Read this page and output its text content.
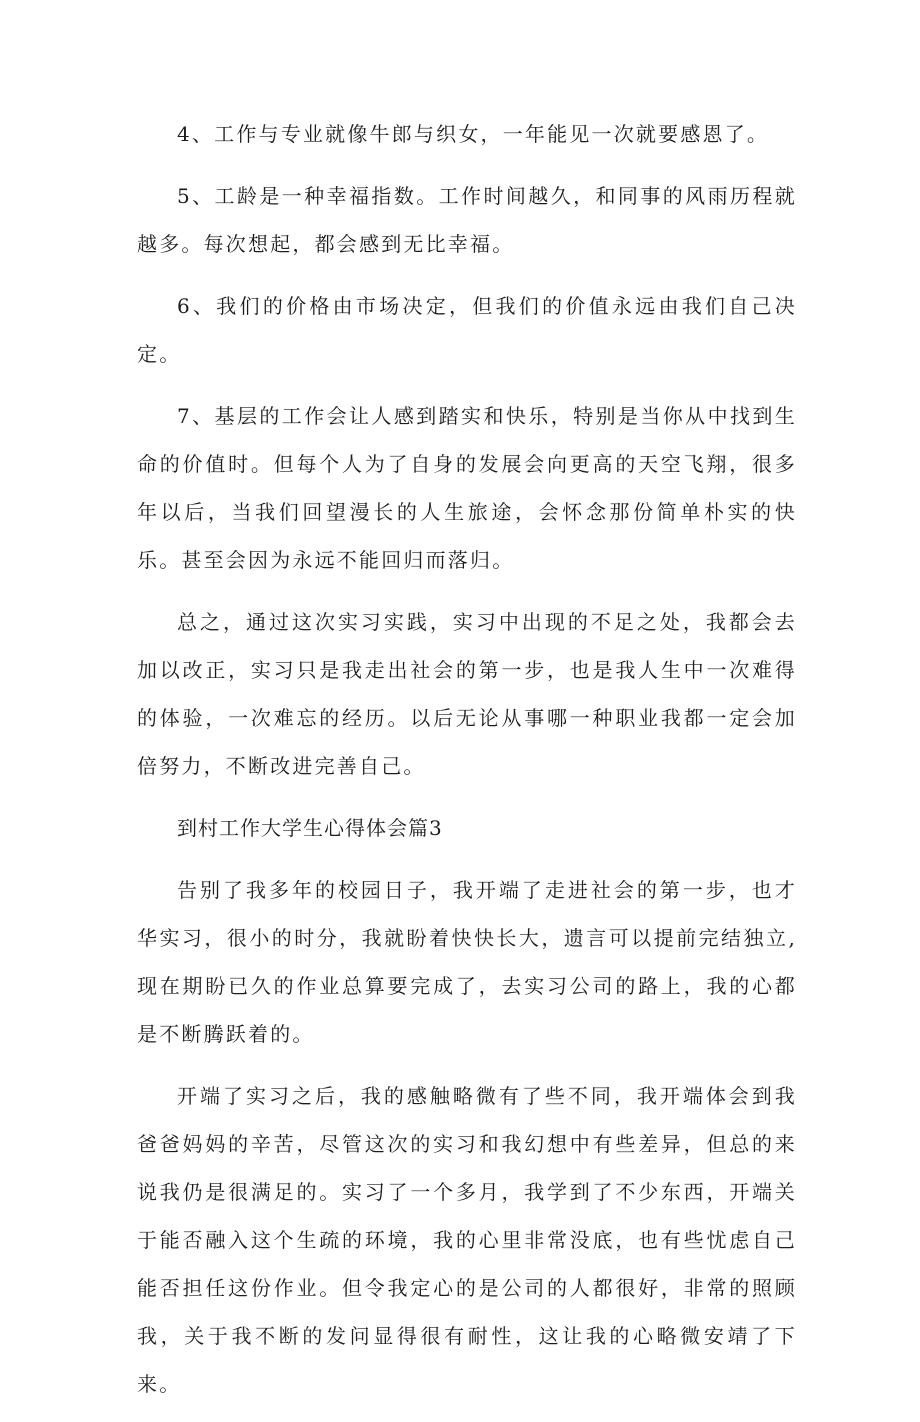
4、工作与专业就像牛郎与织女，一年能见一次就要感恩了。

5、工龄是一种幸福指数。工作时间越久，和同事的风雨历程就越多。每次想起，都会感到无比幸福。

6、我们的价格由市场决定，但我们的价值永远由我们自己决定。

7、基层的工作会让人感到踏实和快乐，特别是当你从中找到生命的价值时。但每个人为了自身的发展会向更高的天空飞翔，很多年以后，当我们回望漫长的人生旅途，会怀念那份简单朴实的快乐。甚至会因为永远不能回归而落归。

总之，通过这次实习实践，实习中出现的不足之处，我都会去加以改正，实习只是我走出社会的第一步，也是我人生中一次难得的体验，一次难忘的经历。以后无论从事哪一种职业我都一定会加倍努力，不断改进完善自己。

到村工作大学生心得体会篇3

告别了我多年的校园日子，我开端了走进社会的第一步，也才华实习，很小的时分，我就盼着快快长大，遗言可以提前完结独立,现在期盼已久的作业总算要完成了，去实习公司的路上，我的心都是不断腾跃着的。

开端了实习之后，我的感触略微有了些不同，我开端体会到我爸爸妈妈的辛苦，尽管这次的实习和我幻想中有些差异，但总的来说我仍是很满足的。实习了一个多月，我学到了不少东西，开端关于能否融入这个生疏的环境，我的心里非常没底，也有些忧虑自己能否担任这份作业。但令我定心的是公司的人都很好，非常的照顾我，关于我不断的发问显得很有耐性，这让我的心略微安靖了下来。
